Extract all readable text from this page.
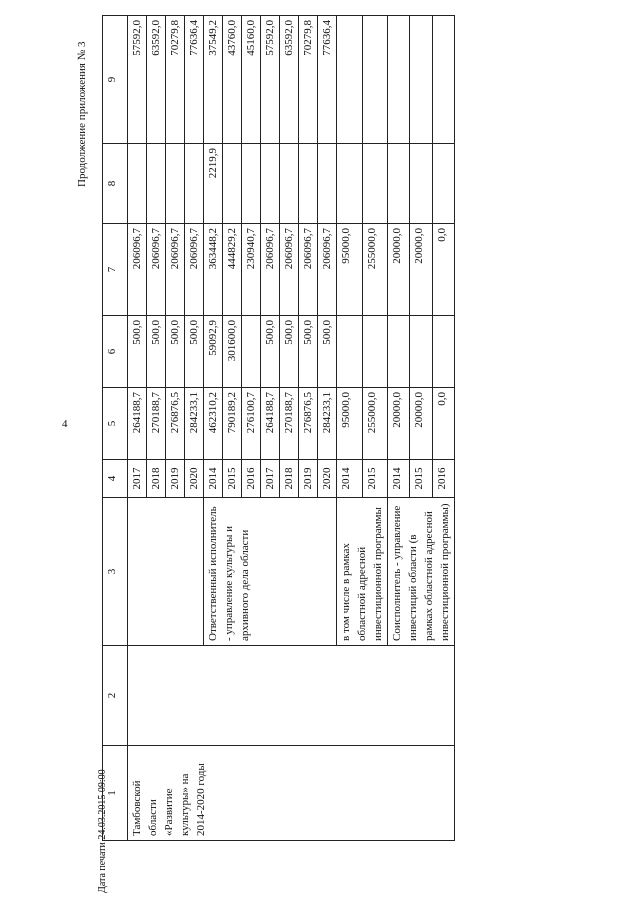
4
Продолжение приложения № 3
Дата печати 24.03.2015 09:00
1	2	3	4	5	6	7	8	9
Тамбовской области «Развитие культуры» на 2014-2020 годы			2017	264188,7	500,0	206096,7		57592,0
			2018	270188,7	500,0	206096,7		63592,0
			2019	276876,5	500,0	206096,7		70279,8
			2020	284233,1	500,0	206096,7		77636,4
		Ответственный исполнитель - управление культуры и архивного дела области	2014	462310,2	59092,9	363448,2	2219,9	37549,2
			2015	790189,2	301600,0	444829,2		43760,0
			2016	276100,7		230940,7		45160,0
			2017	264188,7	500,0	206096,7		57592,0
			2018	270188,7	500,0	206096,7		63592,0
			2019	276876,5	500,0	206096,7		70279,8
			2020	284233,1	500,0	206096,7		77636,4
		в том числе в рамках областной адресной инвестиционной программы	2014	95000,0		95000,0		
			2015	255000,0		255000,0		
		Соисполнитель - управление инвестиций области (в рамках областной адресной инвестиционной программы)	2014	20000,0		20000,0		
			2015	20000,0		20000,0		
			2016	0,0		0,0		
